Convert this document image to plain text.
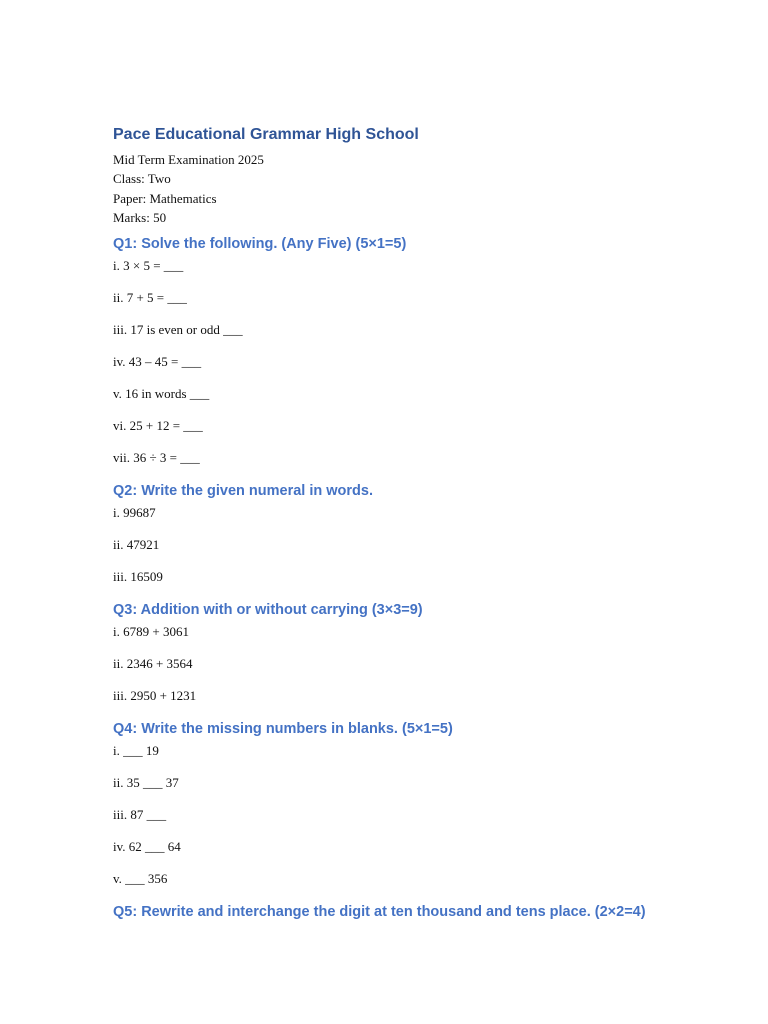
Pace Educational Grammar High School
Mid Term Examination 2025
Class: Two
Paper: Mathematics
Marks: 50
Q1: Solve the following. (Any Five) (5×1=5)
i. 3 × 5 = ___
ii. 7 + 5 = ___
iii. 17 is even or odd ___
iv. 43 – 45 = ___
v. 16 in words ___
vi. 25 + 12 = ___
vii. 36 ÷ 3 = ___
Q2: Write the given numeral in words.
i. 99687
ii. 47921
iii. 16509
Q3: Addition with or without carrying (3×3=9)
i. 6789 + 3061
ii. 2346 + 3564
iii. 2950 + 1231
Q4: Write the missing numbers in blanks. (5×1=5)
i. ___ 19
ii. 35 ___ 37
iii. 87 ___
iv. 62 ___ 64
v. ___ 356
Q5: Rewrite and interchange the digit at ten thousand and tens place. (2×2=4)
